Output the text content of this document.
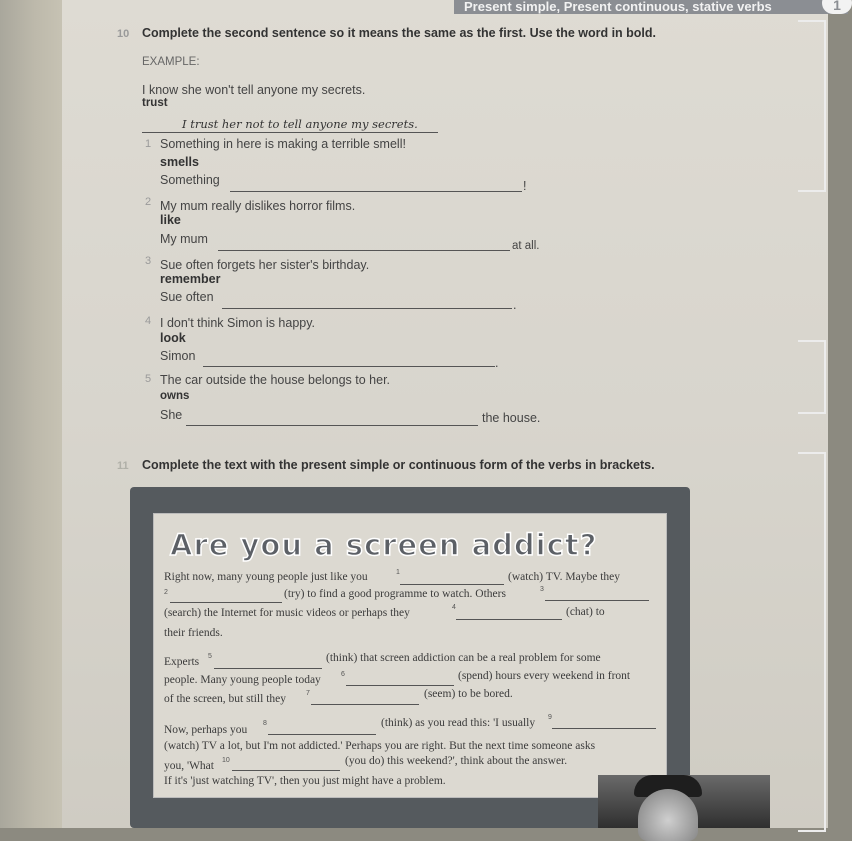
Present simple, Present continuous, stative verbs	1
10 Complete the second sentence so it means the same as the first. Use the word in bold.
EXAMPLE:
I know she won't tell anyone my secrets.
trust
I trust her not to tell anyone my secrets.
1 Something in here is making a terrible smell!
smells
Something	!
2 My mum really dislikes horror films.
like
My mum	at all.
3 Sue often forgets her sister's birthday.
remember
Sue often
.
4 I don't think Simon is happy.
look
Simon	.
5 The car outside the house belongs to her.
owns
She	the house.
11 Complete the text with the present simple or continuous form of the verbs in brackets.
Are you a screen addict?
Right now, many young people just like you	1	(watch) TV. Maybe they
2	(try) to find a good programme to watch. Others	3
(search) the Internet for music videos or perhaps they	4	(chat) to
their friends.
Experts 5	(think) that screen addiction can be a real problem for some
people. Many young people today	6	(spend) hours every weekend in front
of the screen, but still they	7	(seem) to be bored.
Now, perhaps you
8	(think) as you read this: 'I usually 9
(watch) TV a lot, but I'm not addicted.' Perhaps you are right. But the next time someone asks
you, 'What 10	(you do) this weekend?', think about the answer.
If it's 'just watching TV', then you just might have a problem.
